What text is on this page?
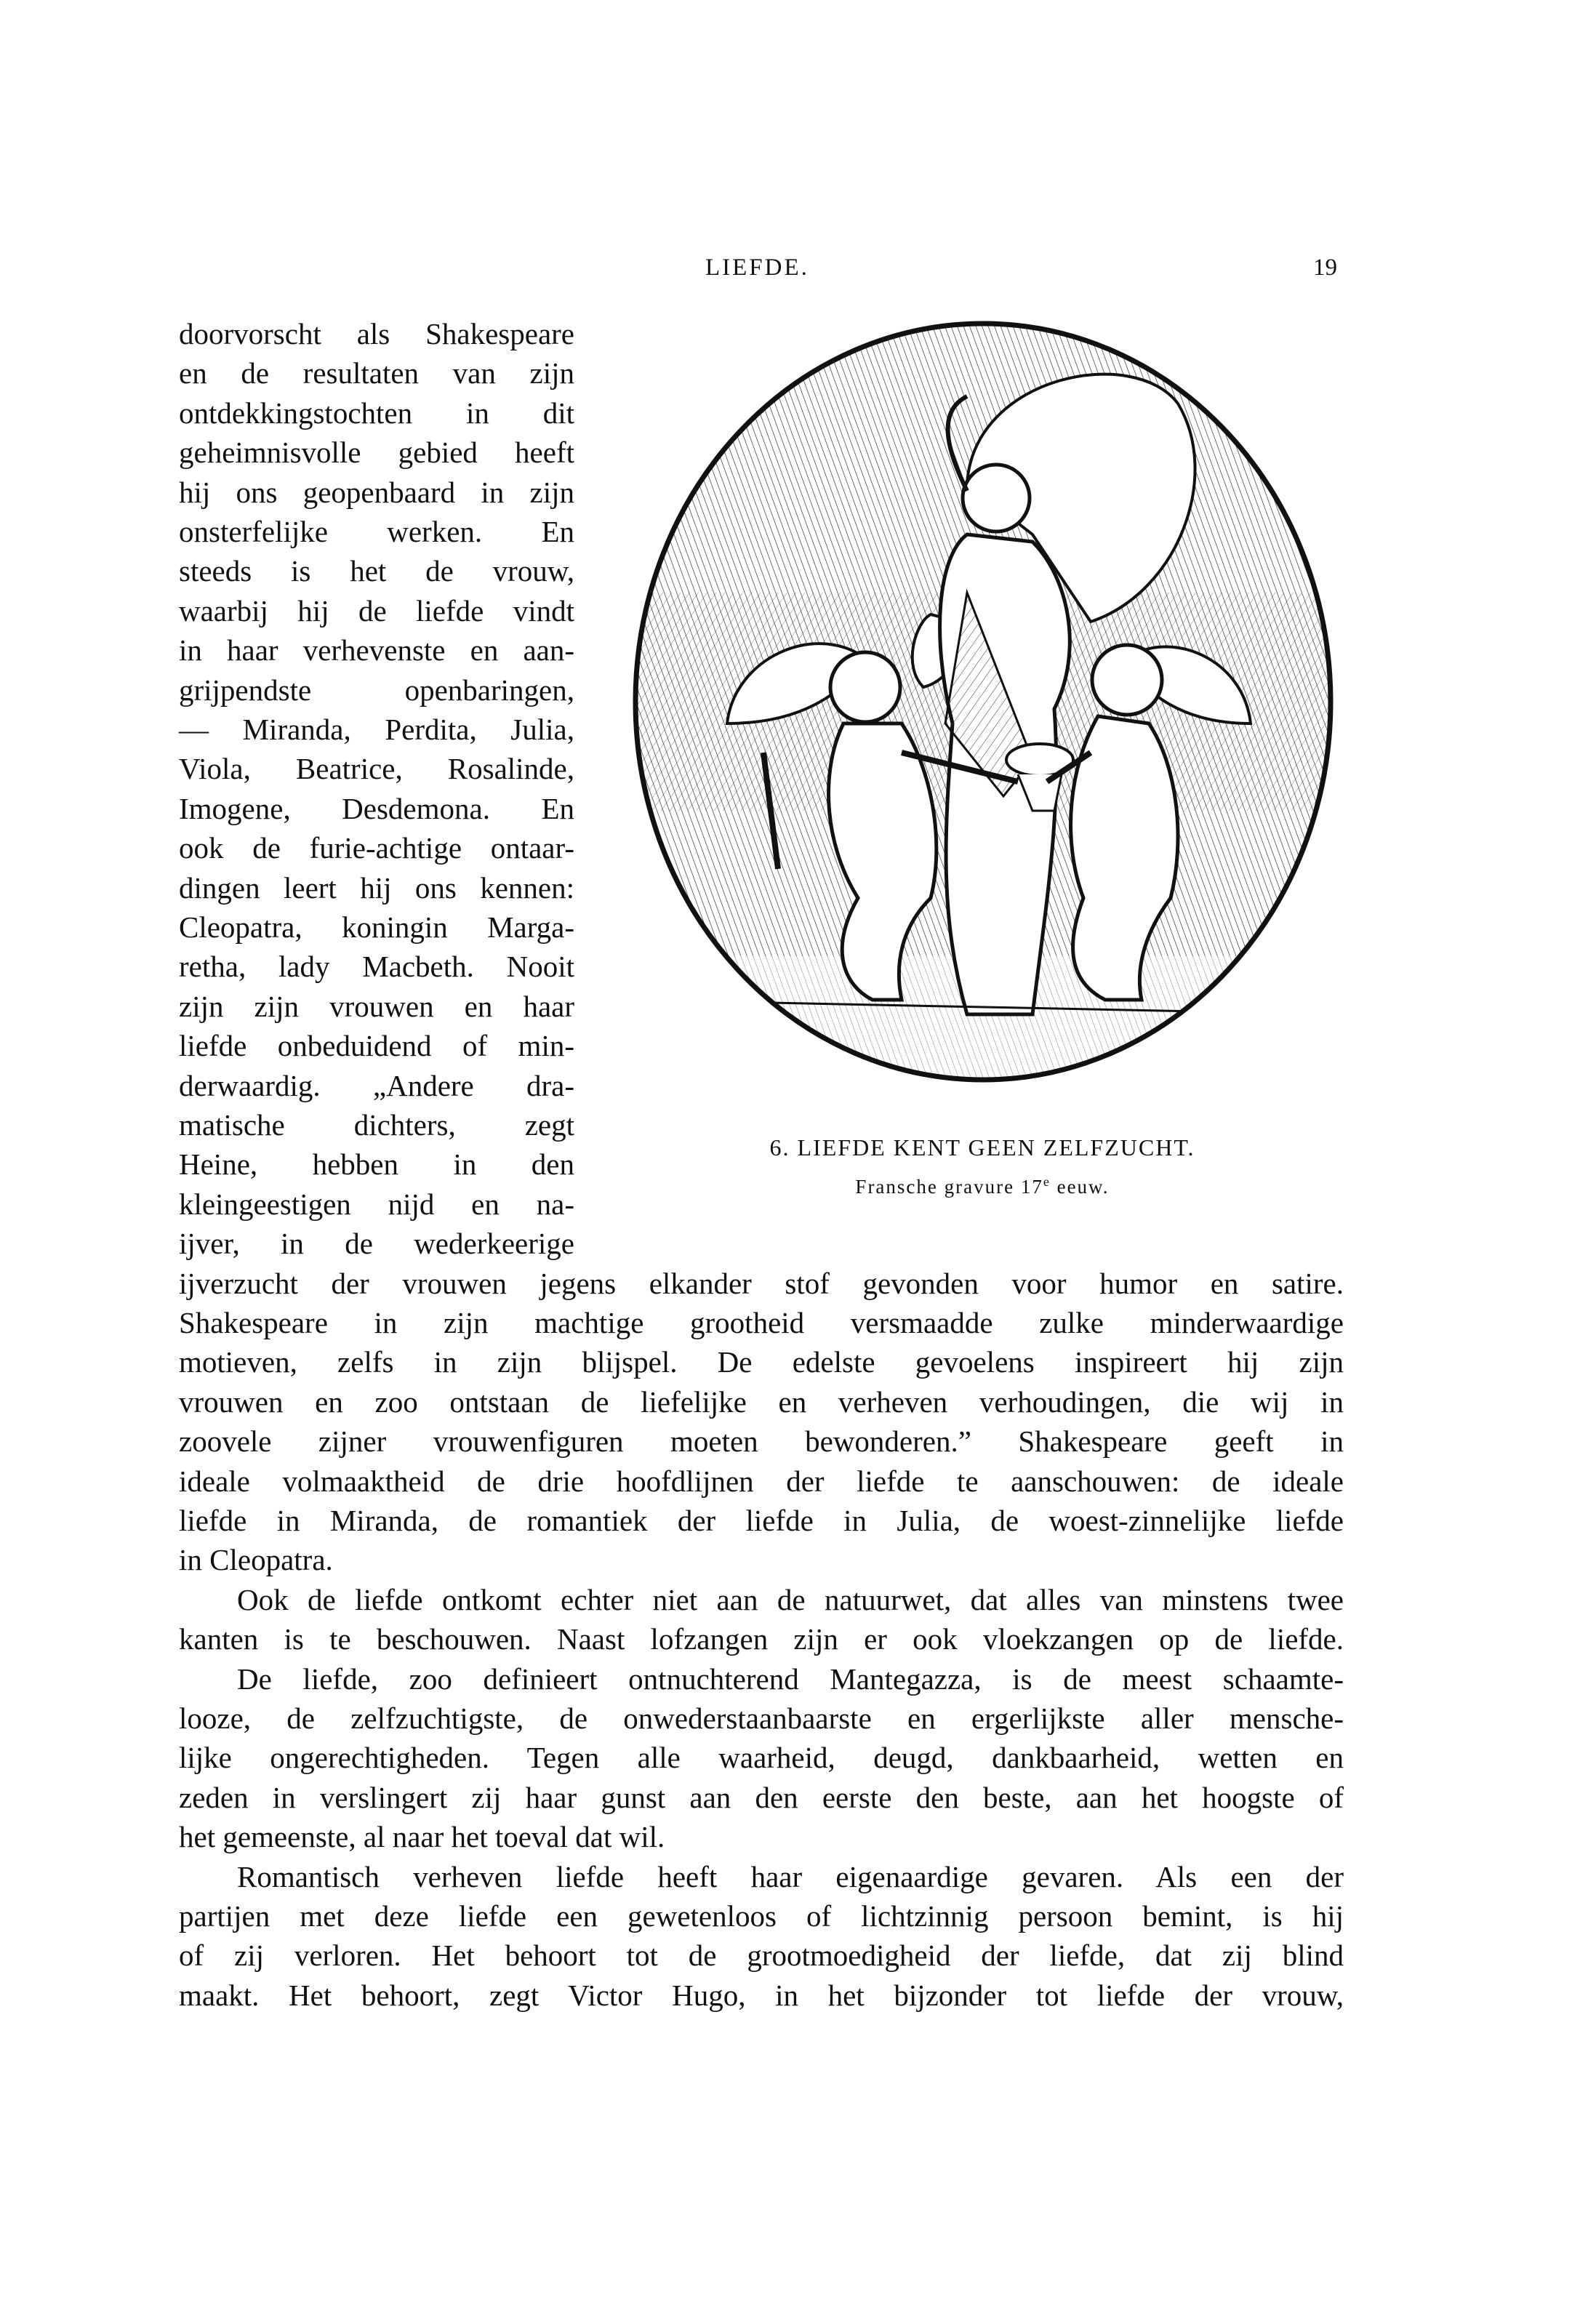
LIEFDE.	19
6. LIEFDE KENT GEEN ZELFZUCHT.
Fransche gravure 17e eeuw.
doorvorscht als Shakespeare
en de resultaten van zijn
ontdekkingstochten in dit
geheimnisvolle gebied heeft
hij ons geopenbaard in zijn
onsterfelijke werken. En
steeds is het de vrouw,
waarbij hij de liefde vindt
in haar verhevenste en aan-
grijpendste openbaringen,
— Miranda, Perdita, Julia,
Viola, Beatrice, Rosalinde,
Imogene, Desdemona. En
ook de furie-achtige ontaar-
dingen leert hij ons kennen:
Cleopatra, koningin Marga-
retha, lady Macbeth. Nooit
zijn zijn vrouwen en haar
liefde onbeduidend of min-
derwaardig. „Andere dra-
matische dichters, zegt
Heine, hebben in den
kleingeestigen nijd en na-
ijver, in de wederkeerige
ijverzucht der vrouwen jegens elkander stof gevonden voor humor en satire.
Shakespeare in zijn machtige grootheid versmaadde zulke minderwaardige
motieven, zelfs in zijn blijspel. De edelste gevoelens inspireert hij zijn
vrouwen en zoo ontstaan de liefelijke en verheven verhoudingen, die wij in
zoovele zijner vrouwenfiguren moeten bewonderen.” Shakespeare geeft in
ideale volmaaktheid de drie hoofdlijnen der liefde te aanschouwen: de ideale
liefde in Miranda, de romantiek der liefde in Julia, de woest-zinnelijke liefde
in Cleopatra.
Ook de liefde ontkomt echter niet aan de natuurwet, dat alles van minstens twee
kanten is te beschouwen. Naast lofzangen zijn er ook vloekzangen op de liefde.
De liefde, zoo definieert ontnuchterend Mantegazza, is de meest schaamte-
looze, de zelfzuchtigste, de onwederstaanbaarste en ergerlijkste aller mensche-
lijke ongerechtigheden. Tegen alle waarheid, deugd, dankbaarheid, wetten en
zeden in verslingert zij haar gunst aan den eerste den beste, aan het hoogste of
het gemeenste, al naar het toeval dat wil.
Romantisch verheven liefde heeft haar eigenaardige gevaren. Als een der
partijen met deze liefde een gewetenloos of lichtzinnig persoon bemint, is hij
of zij verloren. Het behoort tot de grootmoedigheid der liefde, dat zij blind
maakt. Het behoort, zegt Victor Hugo, in het bijzonder tot liefde der vrouw,
